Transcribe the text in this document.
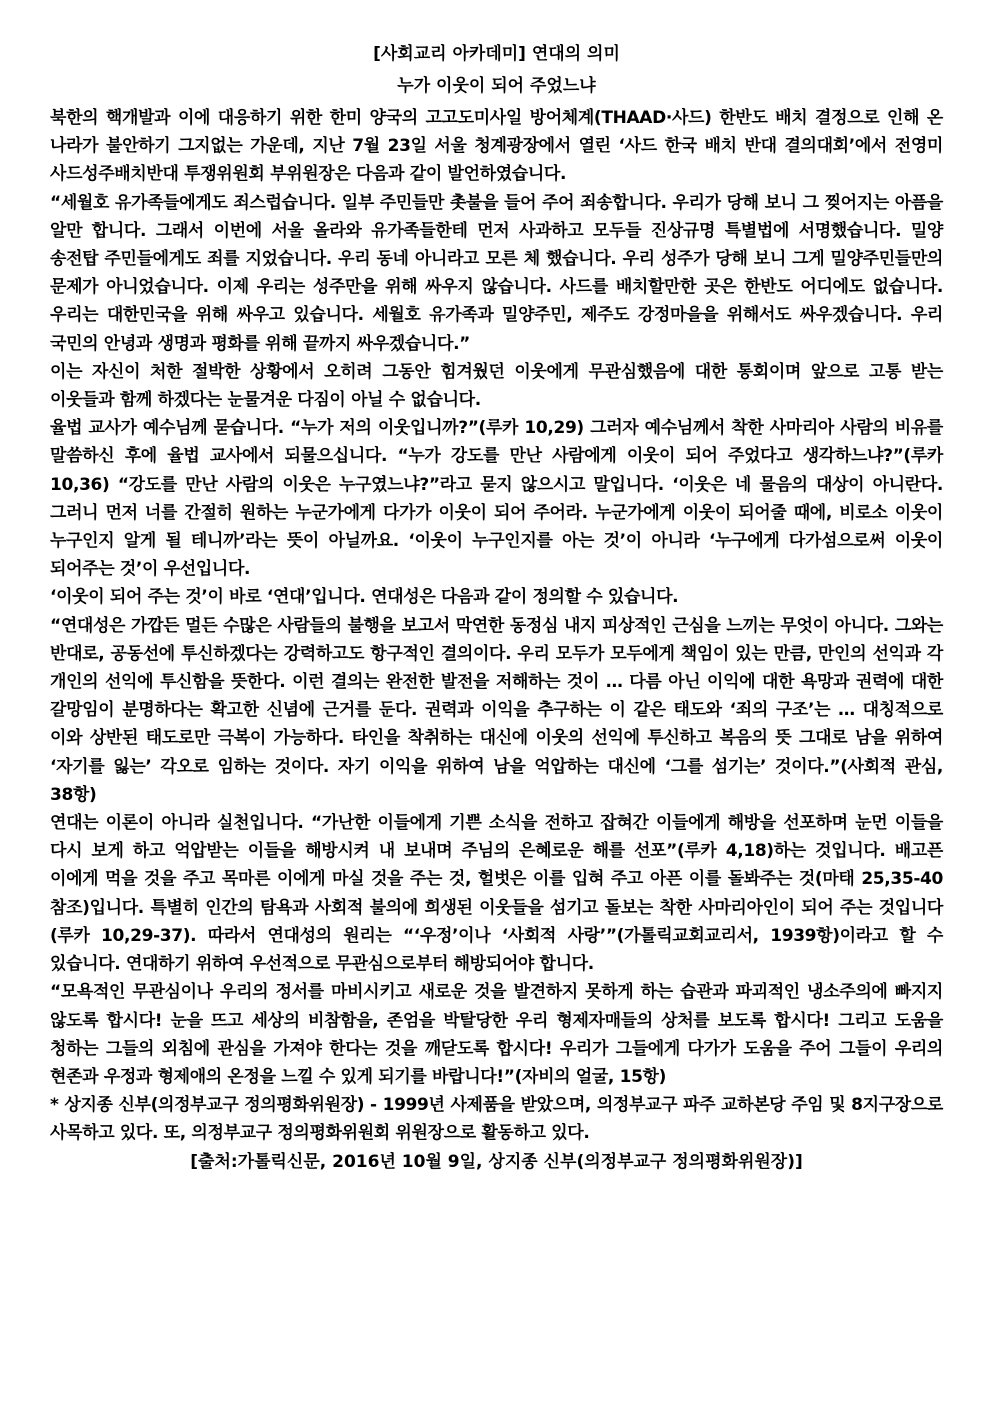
[사회교리 아카데미] 연대의 의미
누가 이웃이 되어 주었느냐

북한의 핵개발과 이에 대응하기 위한 한미 양국의 고고도미사일 방어체계(THAAD·사드) 한반도 배치 결정으로 인해 온 나라가 불안하기 그지없는 가운데, 지난 7월 23일 서울 청계광장에서 열린 ‘사드 한국 배치 반대 결의대회’에서 전영미 사드성주배치반대 투쟁위원회 부위원장은 다음과 같이 발언하였습니다.

“세월호 유가족들에게도 죄스럽습니다. 일부 주민들만 촛불을 들어 주어 죄송합니다. 우리가 당해 보니 그 찢어지는 아픔을 알만 합니다. 그래서 이번에 서울 올라와 유가족들한테 먼저 사과하고 모두들 진상규명 특별법에 서명했습니다. 밀양 송전탑 주민들에게도 죄를 지었습니다. 우리 동네 아니라고 모른 체 했습니다. 우리 성주가 당해 보니 그게 밀양주민들만의 문제가 아니었습니다. 이제 우리는 성주만을 위해 싸우지 않습니다. 사드를 배치할만한 곳은 한반도 어디에도 없습니다. 우리는 대한민국을 위해 싸우고 있습니다. 세월호 유가족과 밀양주민, 제주도 강정마을을 위해서도 싸우겠습니다. 우리 국민의 안녕과 생명과 평화를 위해 끝까지 싸우겠습니다.”

이는 자신이 처한 절박한 상황에서 오히려 그동안 힘겨웠던 이웃에게 무관심했음에 대한 통회이며 앞으로 고통 받는 이웃들과 함께 하겠다는 눈물겨운 다짐이 아닐 수 없습니다.

율법 교사가 예수님께 묻습니다. “누가 저의 이웃입니까?”(루카 10,29) 그러자 예수님께서 착한 사마리아 사람의 비유를 말씀하신 후에 율법 교사에서 되물으십니다. “누가 강도를 만난 사람에게 이웃이 되어 주었다고 생각하느냐?”(루카 10,36) “강도를 만난 사람의 이웃은 누구였느냐?”라고 묻지 않으시고 말입니다. ‘이웃은 네 물음의 대상이 아니란다. 그러니 먼저 너를 간절히 원하는 누군가에게 다가가 이웃이 되어 주어라. 누군가에게 이웃이 되어줄 때에, 비로소 이웃이 누구인지 알게 될 테니까’라는 뜻이 아닐까요. ‘이웃이 누구인지를 아는 것’이 아니라 ‘누구에게 다가섬으로써 이웃이 되어주는 것’이 우선입니다.

‘이웃이 되어 주는 것’이 바로 ‘연대’입니다. 연대성은 다음과 같이 정의할 수 있습니다.

“연대성은 가깝든 멀든 수많은 사람들의 불행을 보고서 막연한 동정심 내지 피상적인 근심을 느끼는 무엇이 아니다. 그와는 반대로, 공동선에 투신하겠다는 강력하고도 항구적인 결의이다. 우리 모두가 모두에게 책임이 있는 만큼, 만인의 선익과 각 개인의 선익에 투신함을 뜻한다. 이런 결의는 완전한 발전을 저해하는 것이 … 다름 아닌 이익에 대한 욕망과 권력에 대한 갈망임이 분명하다는 확고한 신념에 근거를 둔다. 권력과 이익을 추구하는 이 같은 태도와 ‘죄의 구조’는 … 대칭적으로 이와 상반된 태도로만 극복이 가능하다. 타인을 착취하는 대신에 이웃의 선익에 투신하고 복음의 뜻 그대로 남을 위하여 ‘자기를 잃는’ 각오로 임하는 것이다. 자기 이익을 위하여 남을 억압하는 대신에 ‘그를 섬기는’ 것이다.”(사회적 관심, 38항)

연대는 이론이 아니라 실천입니다. “가난한 이들에게 기쁜 소식을 전하고 잡혀간 이들에게 해방을 선포하며 눈먼 이들을 다시 보게 하고 억압받는 이들을 해방시켜 내 보내며 주님의 은혜로운 해를 선포”(루카 4,18)하는 것입니다. 배고픈 이에게 먹을 것을 주고 목마른 이에게 마실 것을 주는 것, 헐벗은 이를 입혀 주고 아픈 이를 돌봐주는 것(마태 25,35-40 참조)입니다. 특별히 인간의 탐욕과 사회적 불의에 희생된 이웃들을 섬기고 돌보는 착한 사마리아인이 되어 주는 것입니다(루카 10,29-37). 따라서 연대성의 원리는 “‘우정’이나 ‘사회적 사랑’”(가톨릭교회교리서, 1939항)이라고 할 수 있습니다. 연대하기 위하여 우선적으로 무관심으로부터 해방되어야 합니다.

“모욕적인 무관심이나 우리의 정서를 마비시키고 새로운 것을 발견하지 못하게 하는 습관과 파괴적인 냉소주의에 빠지지 않도록 합시다! 눈을 뜨고 세상의 비참함을, 존엄을 박탈당한 우리 형제자매들의 상처를 보도록 합시다! 그리고 도움을 청하는 그들의 외침에 관심을 가져야 한다는 것을 깨닫도록 합시다! 우리가 그들에게 다가가 도움을 주어 그들이 우리의 현존과 우정과 형제애의 온정을 느낄 수 있게 되기를 바랍니다!”(자비의 얼굴, 15항)

* 상지종 신부(의정부교구 정의평화위원장) - 1999년 사제품을 받았으며, 의정부교구 파주 교하본당 주임 및 8지구장으로 사목하고 있다. 또, 의정부교구 정의평화위원회 위원장으로 활동하고 있다.

[출처:가톨릭신문, 2016년 10월 9일, 상지종 신부(의정부교구 정의평화위원장)]
